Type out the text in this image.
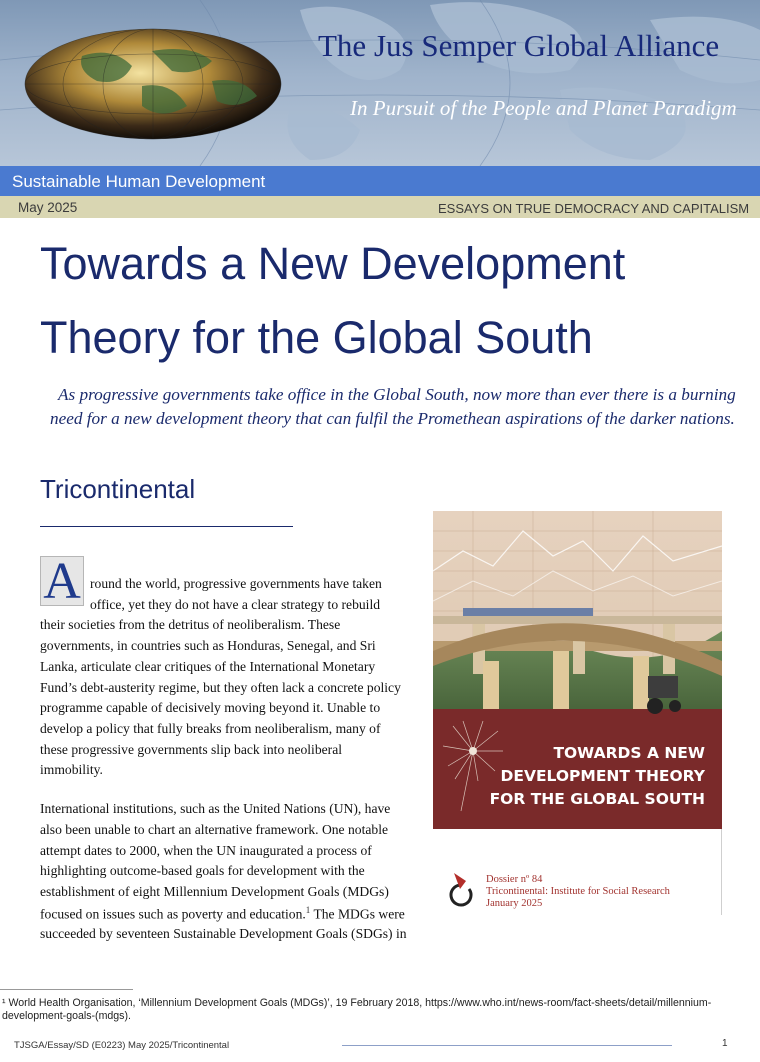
The Jus Semper Global Alliance
In Pursuit of the People and Planet Paradigm
Sustainable Human Development
May 2025	ESSAYS ON TRUE DEMOCRACY AND CAPITALISM
Towards a New Development
Theory for the Global South
As progressive governments take office in the Global South, now more than ever there is a burning
need for a new development theory that can fulfil the Promethean aspirations of the darker nations.
Tricontinental
A round the world, progressive governments have taken
office, yet they do not have a clear strategy to rebuild
their societies from the detritus of neoliberalism. These
governments, in countries such as Honduras, Senegal, and Sri
Lanka, articulate clear critiques of the International Monetary
Fund’s debt-austerity regime, but they often lack a concrete policy
programme capable of decisively moving beyond it. Unable to
develop a policy that fully breaks from neoliberalism, many of
these progressive governments slip back into neoliberal
immobility.
International institutions, such as the United Nations (UN), have
also been unable to chart an alternative framework. One notable
attempt dates to 2000, when the UN inaugurated a process of
highlighting outcome-based goals for development with the
establishment of eight Millennium Development Goals (MDGs)
focused on issues such as poverty and education.$^1$ The MDGs were
succeeded by seventeen Sustainable Development Goals (SDGs) in
TOWARDS A NEW
DEVELOPMENT THEORY
FOR THE GLOBAL SOUTH
Dossier nº 84
Tricontinental: Institute for Social Research
January 2025
¹ World Health Organisation, ‘Millennium Development Goals (MDGs)’, 19 February 2018, https://www.who.int/news-room/fact-sheets/detail/millennium-
development-goals-(mdgs).
TJSGA/Essay/SD (E0223) May 2025/Tricontinental	1
